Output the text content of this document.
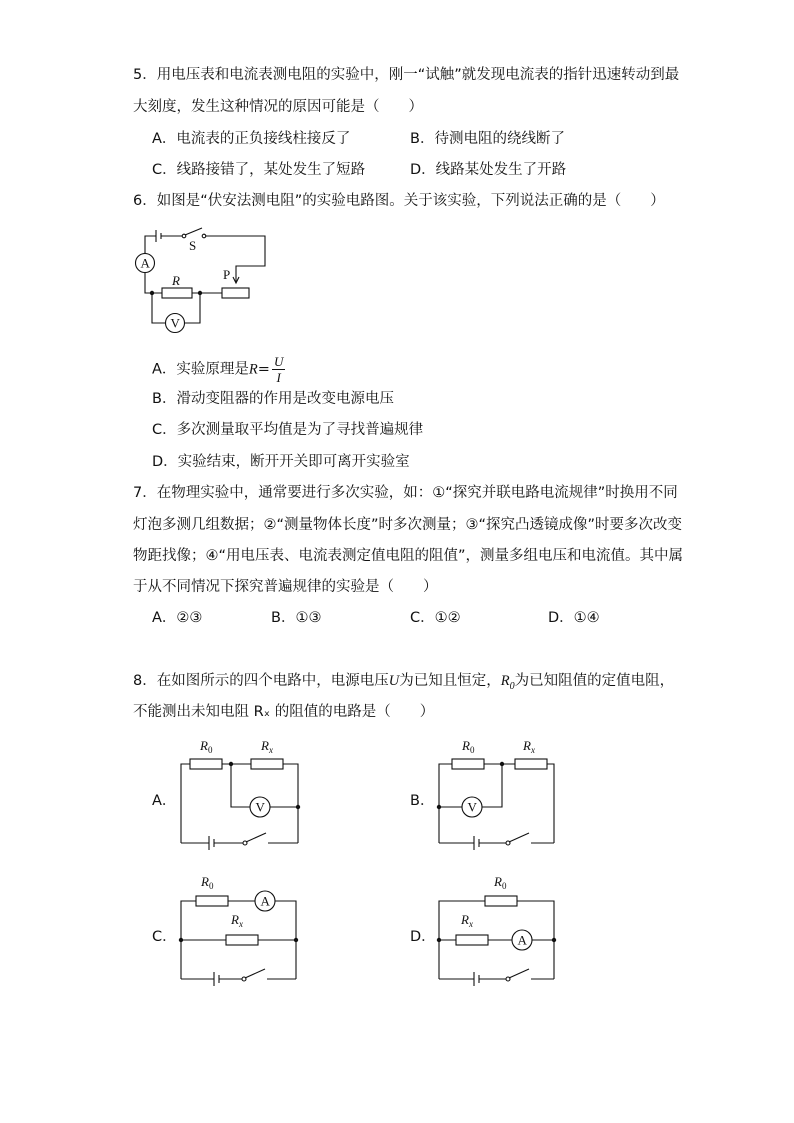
5．用电压表和电流表测电阻的实验中，刚一“试触”就发现电流表的指针迅速转动到最
大刻度，发生这种情况的原因可能是（　　）
A．电流表的正负接线柱接反了	B．待测电阻的绕线断了
C．线路接错了，某处发生了短路	D．线路某处发生了开路
6．如图是“伏安法测电阻”的实验电路图。关于该实验，下列说法正确的是（　　）
S
P
A
R
V
A．实验原理是$R= \frac{U}{I}$
B．滑动变阻器的作用是改变电源电压
C．多次测量取平均值是为了寻找普遍规律
D．实验结束，断开开关即可离开实验室
7．在物理实验中，通常要进行多次实验，如：①“探究并联电路电流规律”时换用不同
灯泡多测几组数据；②“测量物体长度”时多次测量；③“探究凸透镜成像”时要多次改变
物距找像；④“用电压表、电流表测定值电阻的阻值”，测量多组电压和电流值。其中属
于从不同情况下探究普遍规律的实验是（　　）
A．②③	B．①③	C．①②	D．①④
8．在如图所示的四个电路中，电源电压U为已知且恒定，$R_0$为已知阻值的定值电阻，
不能测出未知电阻 Rₓ 的阻值的电路是（　　）
A．
$R_0$	$R_x$
V	B．
$R_0$	$R_x$
V
C．
$R_0$
$R_x$
A
D．
$R_0$
$R_x$
A
